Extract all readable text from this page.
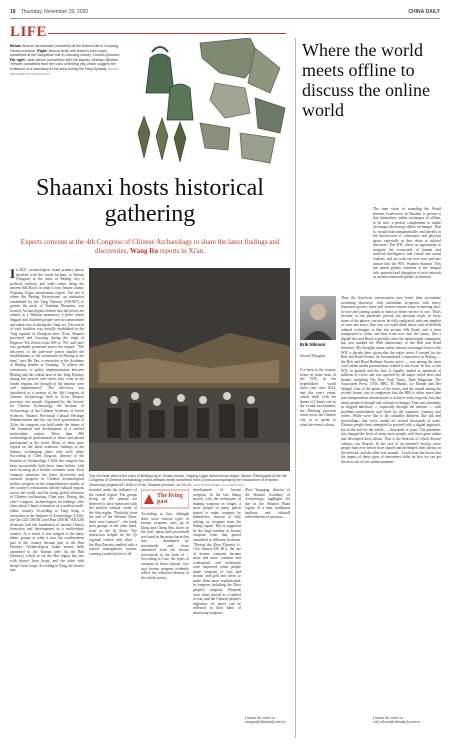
18 Thursday, November 19, 2020	CHINA DAILY
LIFE
Below: Bronze arrowheads unearthed at the Bolinui site in Luoyang, Henan province. Right: Bronze bells with sheep's horn loops unearthed at the Nanyishan site in Lancang county, Yunnan province. Far right: Jade pieces (unearthed with the swords Jiezhao) (Bintian Temple) unearthed from the ruins of Beiting city, which suggest the existence of a sanctuary in the area during the Tang Dynasty. PHOTO PROVIDED TO CHINA DAILY
Shaanxi hosts historical gathering
Experts convene at the 4th Congress of Chinese Archaeology to share the latest findings and discoveries, Wang Ru reports in Xi'an.
In 2021, archaeologists found primary pieces (marked with the words ba-han), at Beitian (Ningxia) at the ruins of Beiting city, a political, military and trade center along the ancient Silk Road, in what is now Jimsar county, Xinjiang Uygur autonomous region. The site is where the Beiting Protectorate, an institution established by the Tang Dynasty (618-907) to govern the north of Tianshan Mountain, was located. Archaeologists believe that the pieces are related to a Bethian monastery, a place where beggars and disabled people were accommodated and taken care of during the Tang era. The source of such facilities was initially established in the Tang capitals of Chang'an (now Xi'an, Shaanxi province) and Luoyang during the reign of Emperor Wu Zetian from 690 to 705, and later was gradually promoted across the empire. "The discovery of the jade-ware pieces implies the establishment of the sanctuaries in Beiting at the time," says Hu Yan, a researcher at the Academy of Beiting Studies in Xinjiang. "It reflects the consistency of policy implementation between Beiting and the central area of the Tang Dynasty during this period, and shows that, even in the border regions, the thought of the dynasty were well implemented." The discovery was introduced at a session of the 4th Congress of Chinese Archaeology held in Xi'an, Shaanxi province, last month. Organized by the Society for Chinese Archaeology, the Institute of Archaeology of the Chinese Academy of Social Sciences, Shaanxi Provincial Cultural Heritage Administration and the city level government of Xi'an, the congress was held under the theme of 'the formation and development of a unified multi-ethnic nation'. More than 800 archaeological professionals at home and abroad participated in the event. Many of them gave reports on the latest academic findings in the themes, exchanging ideas with each other. According to Chen Xingcan, director of the Institute of Archaeology, CASS, the congress has been successfully held three times before, with each focusing on a frontier academic issue. Each congress witnesses the latest discoveries and research progress in Chinese archaeological studies, progress in the comprehensive studies of the country's civilizations and the cultural regions across the world, and the rising global influence of Chinese civilizations, Chen says. During this year's congress, archaeologists on findings offer clues about China's formation as a unified multi-ethnic country. According to Tang Song, a researcher at the Institute of Archaeology, CASS, the Qin (221-206 BC) and Han (206 BC-AD 220) dynasties laid the foundation of ancient China's formation and development as a multi-ethnic country. As a result, it was integral to the many ethnic groups in what is now the southwestern part of the country became part of the Han Dynasty. Archaeologists found bronze bells unearthed in the Yunnan stele (in the Han Dynasty), which as for the Shu region but also with sheep's horn loops, and the other with sheep's horn loops. According to Yang, the former was
Top: An Eshe view of the ruins of Beiting city in Jimsar county, Xinjiang Uygur autonomous region. Above: Participants of the 4th Congress of Chinese Archaeology check artifacts newly unearthed from a tomb accompanying the mausoleum of Emperor Zhaozong (reigned 627-649) in Xi'an, Shaanxi province, on Oct 21. PHOTO PROVIDED TO CHINA DAILY
revealed under the influence of the central region. The groups living on the plateau are believed to have interacted with the sinified cultural center of the Shu region. "Probably from the end of the Western Zhou, there were contacts"... the lands such groups, in the other hand, lived at the Qi River, The interaction helped tie the Qi regional culture with other ... the Han Dynasty enabled with a central management system, creating a unified state of all.
The living past
According to Guo, although there were various types of bronze weapons, axes, ge in Dong and Cheng Shu, those on the rival, spears and arrowheads are found in the major basin that they ... dominated by arrowheads, and those unearthed from the bronze arrowheads in the form of ... According to Guo, the types of weapons in those regions. Guo says bronze weapons evidently reflect the collective identity of the whole society.
development of bronze weapons. In the late Shang period, with the techniques of making weapons as longer, a more people in many places started to make weapons by themselves. Instead of only relying on weapons from the Shang capital. This is supported by the huge number of bronze weapons from that period unearthed in different locations. "During the Zhou Dynasty (c. 11th century-256 BC), the use of bronze weapons became more and more common and widespread, and techniques were improved when people made weapons of iron and bronze, and gold and silver, to make them more sophisticated, in weapons including the Zhou people's weapons. Weapons were often viewed as a symbol of war, and the Chinese people's eagerness for peace can be reflected in their habit of destroying weapons.
Zhao Yangqing, director of the Shaanxi Academy of Archaeology, highlights the site in the Shaanxi Huan region. At a time, traditional (military and cultural) achievements of previous ...
Contact the writer at wangru@chinadaily.com.cn
Where the world meets offline to discuss the online world
The time value of attending the World Internet Conference in Wuzhen is proven is that themselves online exchanges of offline, to be sure, a perfect complement to online exchanges discussing offline exchanges. That is, virtual both metaphorically and literally at the intersection of cyberspace and physical space, especially as they relate to cultural discourse. The WIC offers us opportunity to navigate the crossroads of human and artificial intelligence, and virtual and actual realities, and are with our own eyes and ears unsure that the WIC Wuzhen Summit. This has meant greater attention to the integral role, potential and disruption of such network as an interconnected global civilization.
Erik Nilsson
Second Thoughts
Thus the first-born conversation sees fewer than ten-minute streaming discourse, with unfamiliar in-person, with heavy formative powers, there will forever remain value to meeting face-to-face and joining hands to hand in better service to one. That's because, as the pandemic proved, the personal touch, in every sense of the phrase, can never be fully replicated, with any number of ones and zeros. One way we could think about such in-theflesh cultural exchanges is like the ancient Silk Road, and it were transported to today and thus from now into the future, like a digital-first and Road, especially since the international community has just marked the 80th anniversary of the Belt and Road initiative. My thoughts about online cultural exchanges back to the WIC a decade later, given that the entire series I created for the Belt and Road Forum for International Cooperation in Beijing — the Belt and Road Bedtime Stories series — was among the most viral online media presentations related to the event. In fact, as the WIC in general and the first. It equally ranked as hundreds of millions of views and was upvoted by all major world news and brands, including The New York Times, Time Magazine, The Associated Press, CNN, BBC, El Mundo, Le Monde and Der Spiegel. One of the points of the series, and the sequel during the second forum, was to emphasize that the BRI is about more than just transportation infrastructure to achieve trade in goods, but also about people-to-people and cultural exchanges. That was ultimately its biggest takeaway — especially through the internet — with problems immediately and fixed for the countries, currency and others. While we're like to all culturally different, like silk and proceedings, that we've traded for several thousands of years. Chinese people have attempted to proceed with a digital approach, but in the end for the whole — thousands of years. The pandemic has changed the lives of many more people, who have gone online and developed their talents. That is the bedrock of which diverse cultures can flourish. In the case of an internet's history, more people than ever before have shared and developed their talents on the network, and the other way around... I took from the lesson that the impact of these types of encounters shifts on how we can get the most out of our online moments.
I've been to the country fronts in some form of the WIC in the hyperlinked world every year since 2014, and this year's event, which dealt with the theme of China's role in the virtual environment, the Zhejiang province resort town, the Chinese city, so to speak, to what the event is about.
Contact the writer at erik_nilsson@chinadaily.com.cn
